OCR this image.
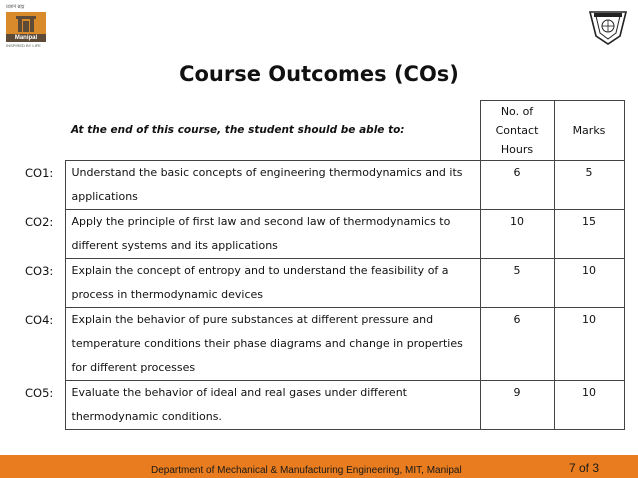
प्रज्ञानं ब्रह्म
Manipal
INSPIRED BY LIFE
Course Outcomes (COs)
	At the end of this course, the student should be able to:	No. of Contact Hours	Marks
CO1:	Understand the basic concepts of engineering thermodynamics and its
applications	6	5
CO2:	Apply the principle of first law and second law of thermodynamics to
different systems and its applications	10	15
CO3:	Explain the concept of entropy and to understand the feasibility of a
process in thermodynamic devices	5	10
CO4:	Explain the behavior of pure substances at different pressure and
temperature conditions their phase diagrams and change in properties
for different processes	6	10
CO5:	Evaluate the behavior of ideal and real gases under different
thermodynamic conditions.	9	10
Department of Mechanical & Manufacturing Engineering, MIT, Manipal	7 of 3
